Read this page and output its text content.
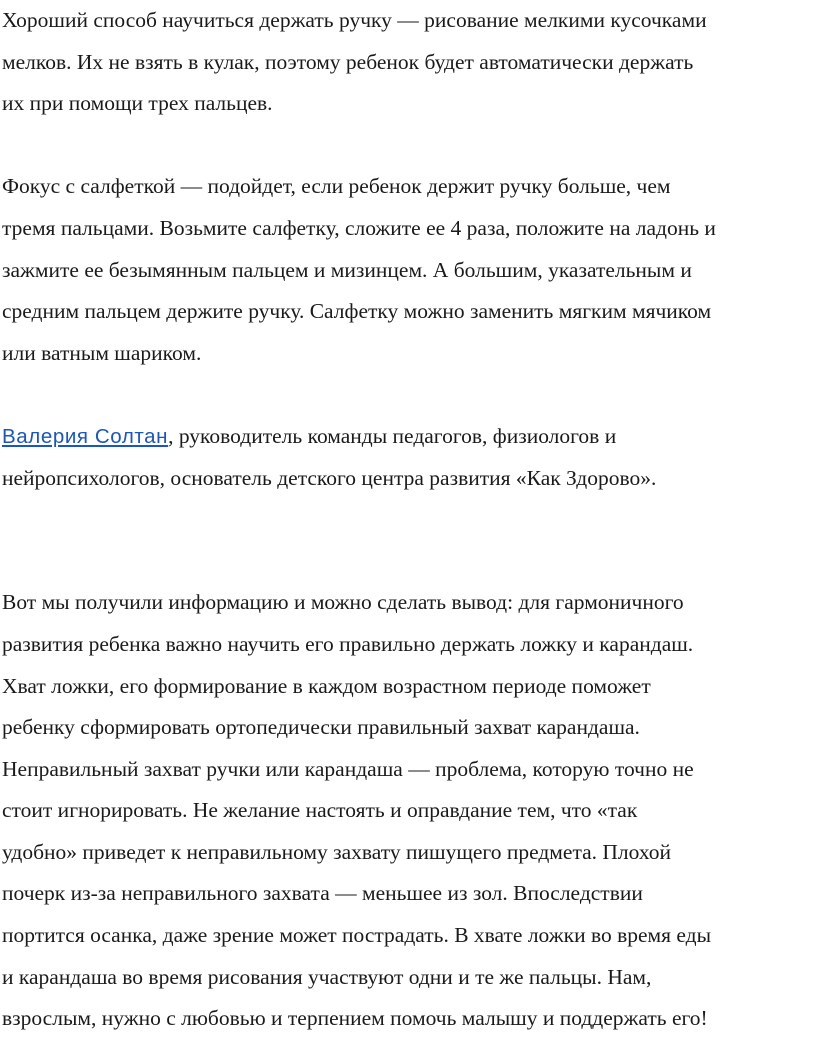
Хороший способ научиться держать ручку — рисование мелкими кусочками
мелков. Их не взять в кулак, поэтому ребенок будет автоматически держать
их при помощи трех пальцев.

Фокус с салфеткой — подойдет, если ребенок держит ручку больше, чем
тремя пальцами. Возьмите салфетку, сложите ее 4 раза, положите на ладонь и
зажмите ее безымянным пальцем и мизинцем. А большим, указательным и
средним пальцем держите ручку. Салфетку можно заменить мягким мячиком
или ватным шариком.

Валерия Солтан, руководитель команды педагогов, физиологов и
нейропсихологов, основатель детского центра развития «Как Здорово».

Вот мы получили информацию и можно сделать вывод: для гармоничного
развития ребенка важно научить его правильно держать ложку и карандаш.
Хват ложки, его формирование в каждом возрастном периоде поможет
ребенку сформировать ортопедически правильный захват карандаша.
Неправильный захват ручки или карандаша — проблема, которую точно не
стоит игнорировать. Не желание настоять и оправдание тем, что «так
удобно» приведет к неправильному захвату пишущего предмета. Плохой
почерк из-за неправильного захвата — меньшее из зол. Впоследствии
портится осанка, даже зрение может пострадать. В хвате ложки во время еды
и карандаша во время рисования участвуют одни и те же пальцы. Нам,
взрослым, нужно с любовью и терпением помочь малышу и поддержать его!
